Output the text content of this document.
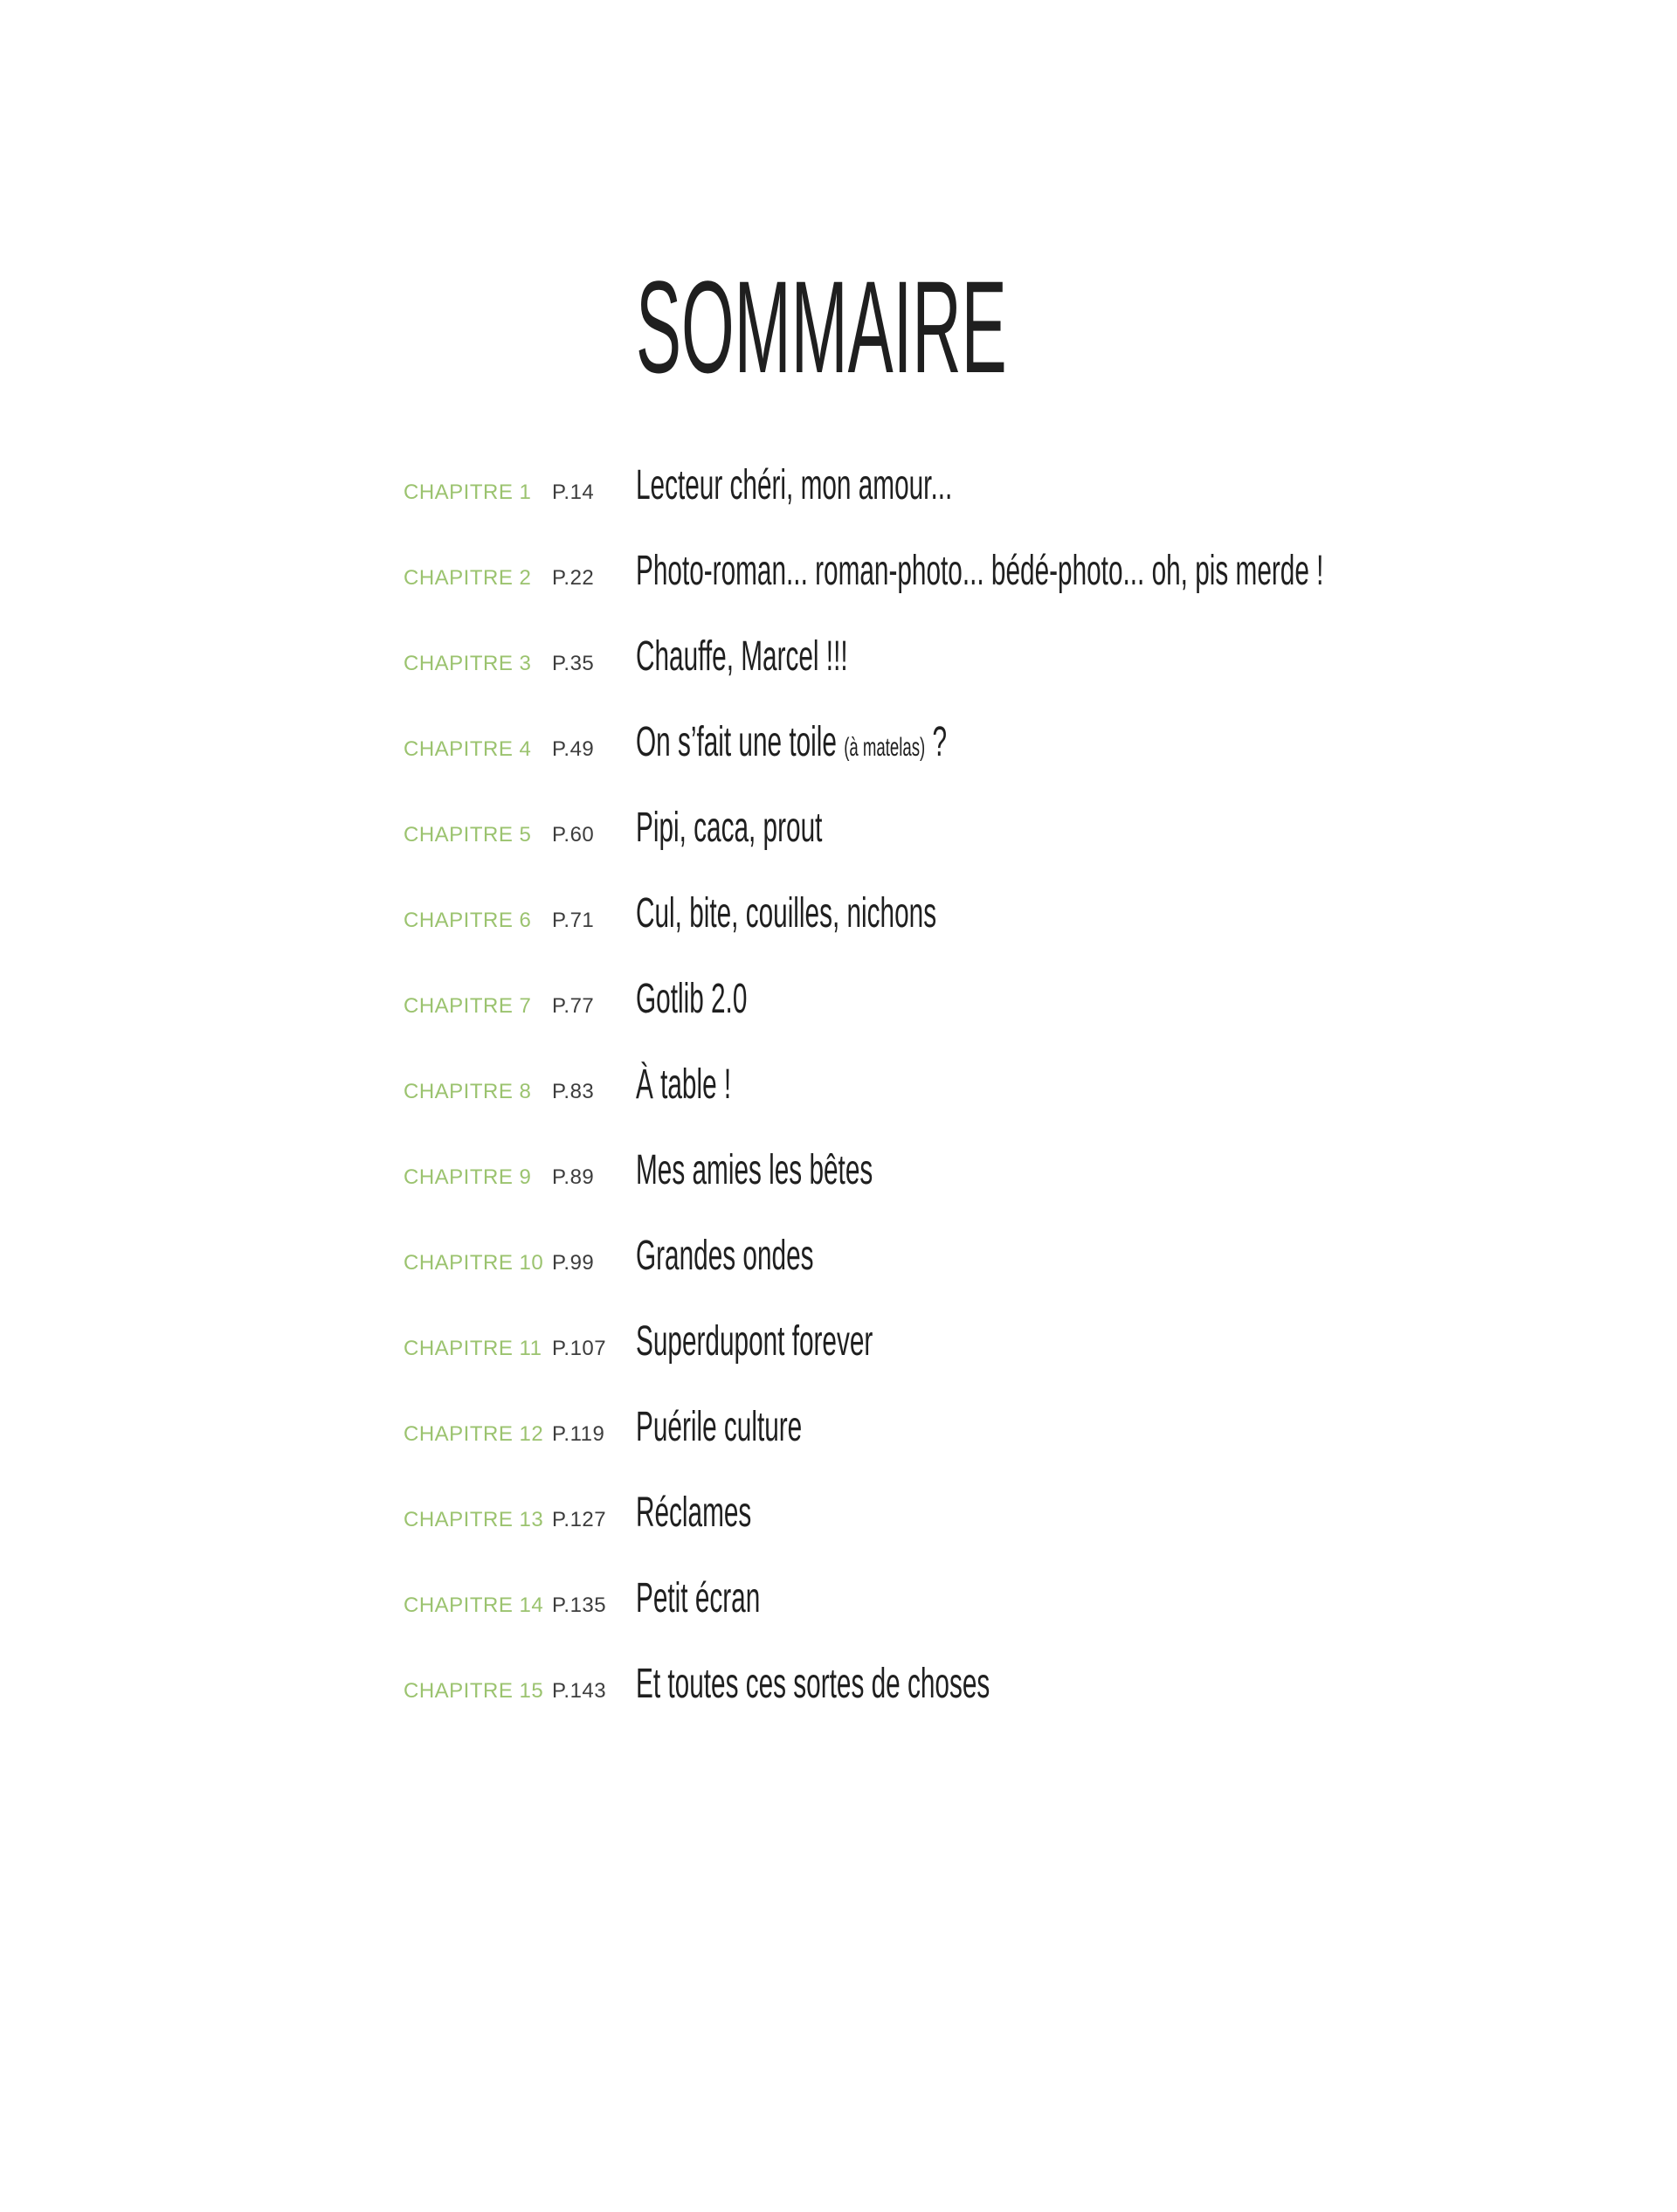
SOMMAIRE
CHAPITRE 1 P.14 Lecteur chéri, mon amour...
CHAPITRE 2 P.22 Photo-roman... roman-photo... bédé-photo... oh, pis merde !
CHAPITRE 3 P.35 Chauffe, Marcel !!!
CHAPITRE 4 P.49 On s’fait une toile (à matelas) ?
CHAPITRE 5 P.60 Pipi, caca, prout
CHAPITRE 6 P.71 Cul, bite, couilles, nichons
CHAPITRE 7 P.77 Gotlib 2.0
CHAPITRE 8 P.83 À table !
CHAPITRE 9 P.89 Mes amies les bêtes
CHAPITRE 10 P.99 Grandes ondes
CHAPITRE 11 P.107 Superdupont forever
CHAPITRE 12 P.119 Puérile culture
CHAPITRE 13 P.127 Réclames
CHAPITRE 14 P.135 Petit écran
CHAPITRE 15 P.143 Et toutes ces sortes de choses
